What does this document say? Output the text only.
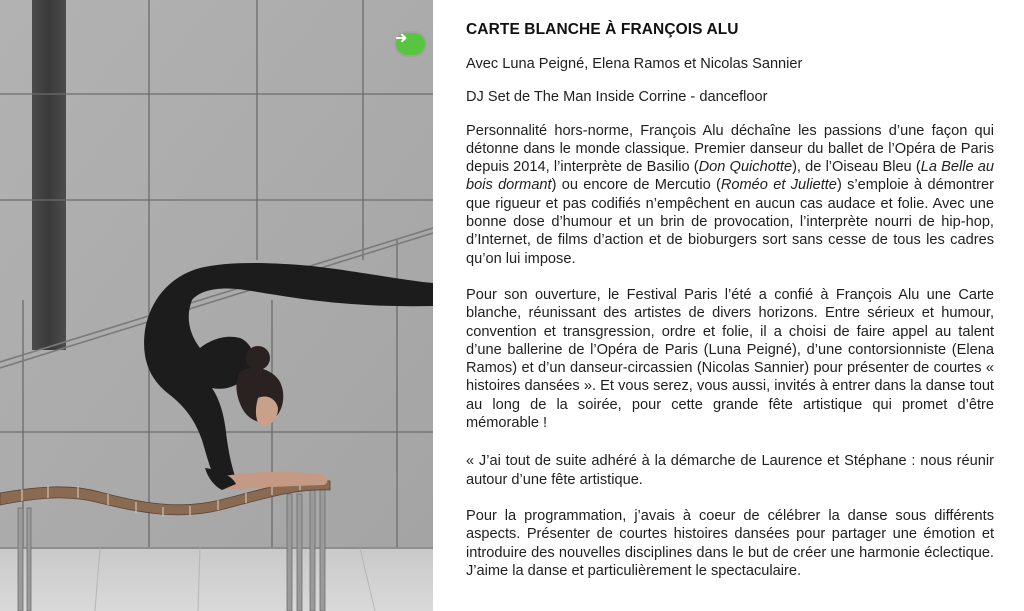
CARTE BLANCHE À FRANÇOIS ALU

Avec Luna Peigné, Elena Ramos et Nicolas Sannier

DJ Set de The Man Inside Corrine - dancefloor

Personnalité hors-norme, François Alu déchaîne les passions d’une façon qui détonne dans le monde classique. Premier danseur du ballet de l’Opéra de Paris depuis 2014, l’interprète de Basilio (Don Quichotte), de l’Oiseau Bleu (La Belle au bois dormant) ou encore de Mercutio (Roméo et Juliette) s’emploie à démontrer que rigueur et pas codifiés n’empêchent en aucun cas audace et folie. Avec une bonne dose d’humour et un brin de provocation, l’interprète nourri de hip-hop, d’Internet, de films d’action et de bioburgers sort sans cesse de tous les cadres qu’on lui impose.

Pour son ouverture, le Festival Paris l’été a confié à François Alu une Carte blanche, réunissant des artistes de divers horizons. Entre sérieux et humour, convention et transgression, ordre et folie, il a choisi de faire appel au talent d’une ballerine de l’Opéra de Paris (Luna Peigné), d’une contorsionniste (Elena Ramos) et d’un danseur-circassien (Nicolas Sannier) pour présenter de courtes « histoires dansées ». Et vous serez, vous aussi, invités à entrer dans la danse tout au long de la soirée, pour cette grande fête artistique qui promet d’être mémorable !

« J’ai tout de suite adhéré à la démarche de Laurence et Stéphane : nous réunir autour d’une fête artistique.

Pour la programmation, j’avais à coeur de célébrer la danse sous différents aspects. Présenter de courtes histoires dansées pour partager une émotion et introduire des nouvelles disciplines dans le but de créer une harmonie éclectique. J’aime la danse et particulièrement le spectaculaire.
